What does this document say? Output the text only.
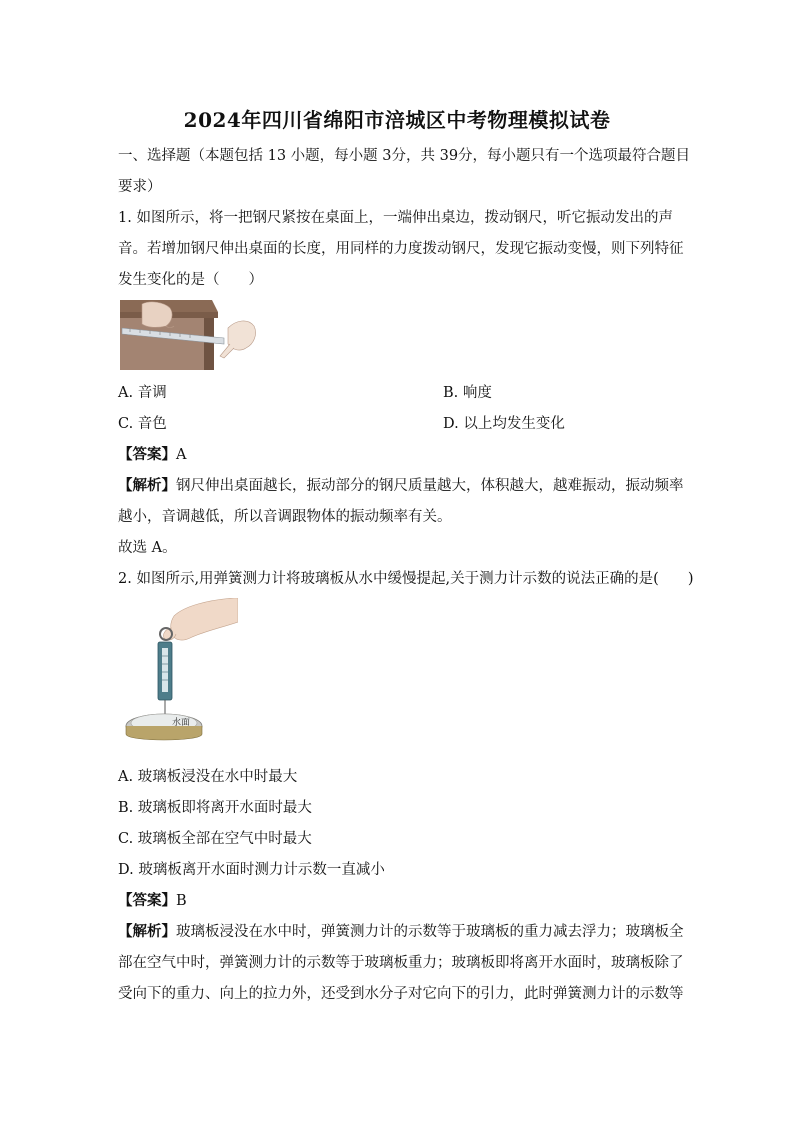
2024年四川省绵阳市涪城区中考物理模拟试卷
一、选择题（本题包括 13 小题，每小题 3分，共 39分，每小题只有一个选项最符合题目
要求）
1. 如图所示，将一把钢尺紧按在桌面上，一端伸出桌边，拨动钢尺，听它振动发出的声
音。若增加钢尺伸出桌面的长度，用同样的力度拨动钢尺，发现它振动变慢，则下列特征
发生变化的是（　　）
A. 音调	B. 响度
C. 音色	D. 以上均发生变化
【答案】A
【解析】钢尺伸出桌面越长，振动部分的钢尺质量越大，体积越大，越难振动，振动频率
越小，音调越低，所以音调跟物体的振动频率有关。
故选 A。
2. 如图所示,用弹簧测力计将玻璃板从水中缓慢提起,关于测力计示数的说法正确的是(　　)
水面
A. 玻璃板浸没在水中时最大
B. 玻璃板即将离开水面时最大
C. 玻璃板全部在空气中时最大
D. 玻璃板离开水面时测力计示数一直减小
【答案】B
【解析】玻璃板浸没在水中时，弹簧测力计的示数等于玻璃板的重力减去浮力；玻璃板全
部在空气中时，弹簧测力计的示数等于玻璃板重力；玻璃板即将离开水面时，玻璃板除了
受向下的重力、向上的拉力外，还受到水分子对它向下的引力，此时弹簧测力计的示数等
